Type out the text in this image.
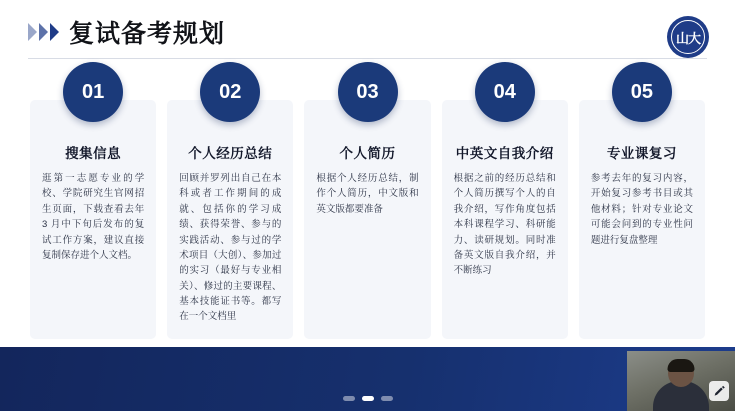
复试备考规划	山大
01
搜集信息
逛第一志愿专业的学校、学院研究生官网招生页面，下载查看去年 3 月中下旬后发布的复试工作方案，建议直接复制保存进个人文档。
02
个人经历总结
回顾并罗列出自己在本科或者工作期间的成就、包括你的学习成绩、获得荣誉、参与的实践活动、参与过的学术项目（大创）、参加过的实习（最好与专业相关）、修过的主要课程、基本技能证书等。都写在一个文档里
03
个人简历
根据个人经历总结，制作个人简历，中文版和英文版都要准备
04
中英文自我介绍
根据之前的经历总结和个人简历撰写个人的自我介绍，写作角度包括本科课程学习、科研能力、读研规划。同时准备英文版自我介绍，并不断练习
05
专业课复习
参考去年的复习内容，开始复习参考书目或其他材料；针对专业论文可能会问到的专业性问题进行复盘整理
中英文常见的高频问答要反复整理修改
